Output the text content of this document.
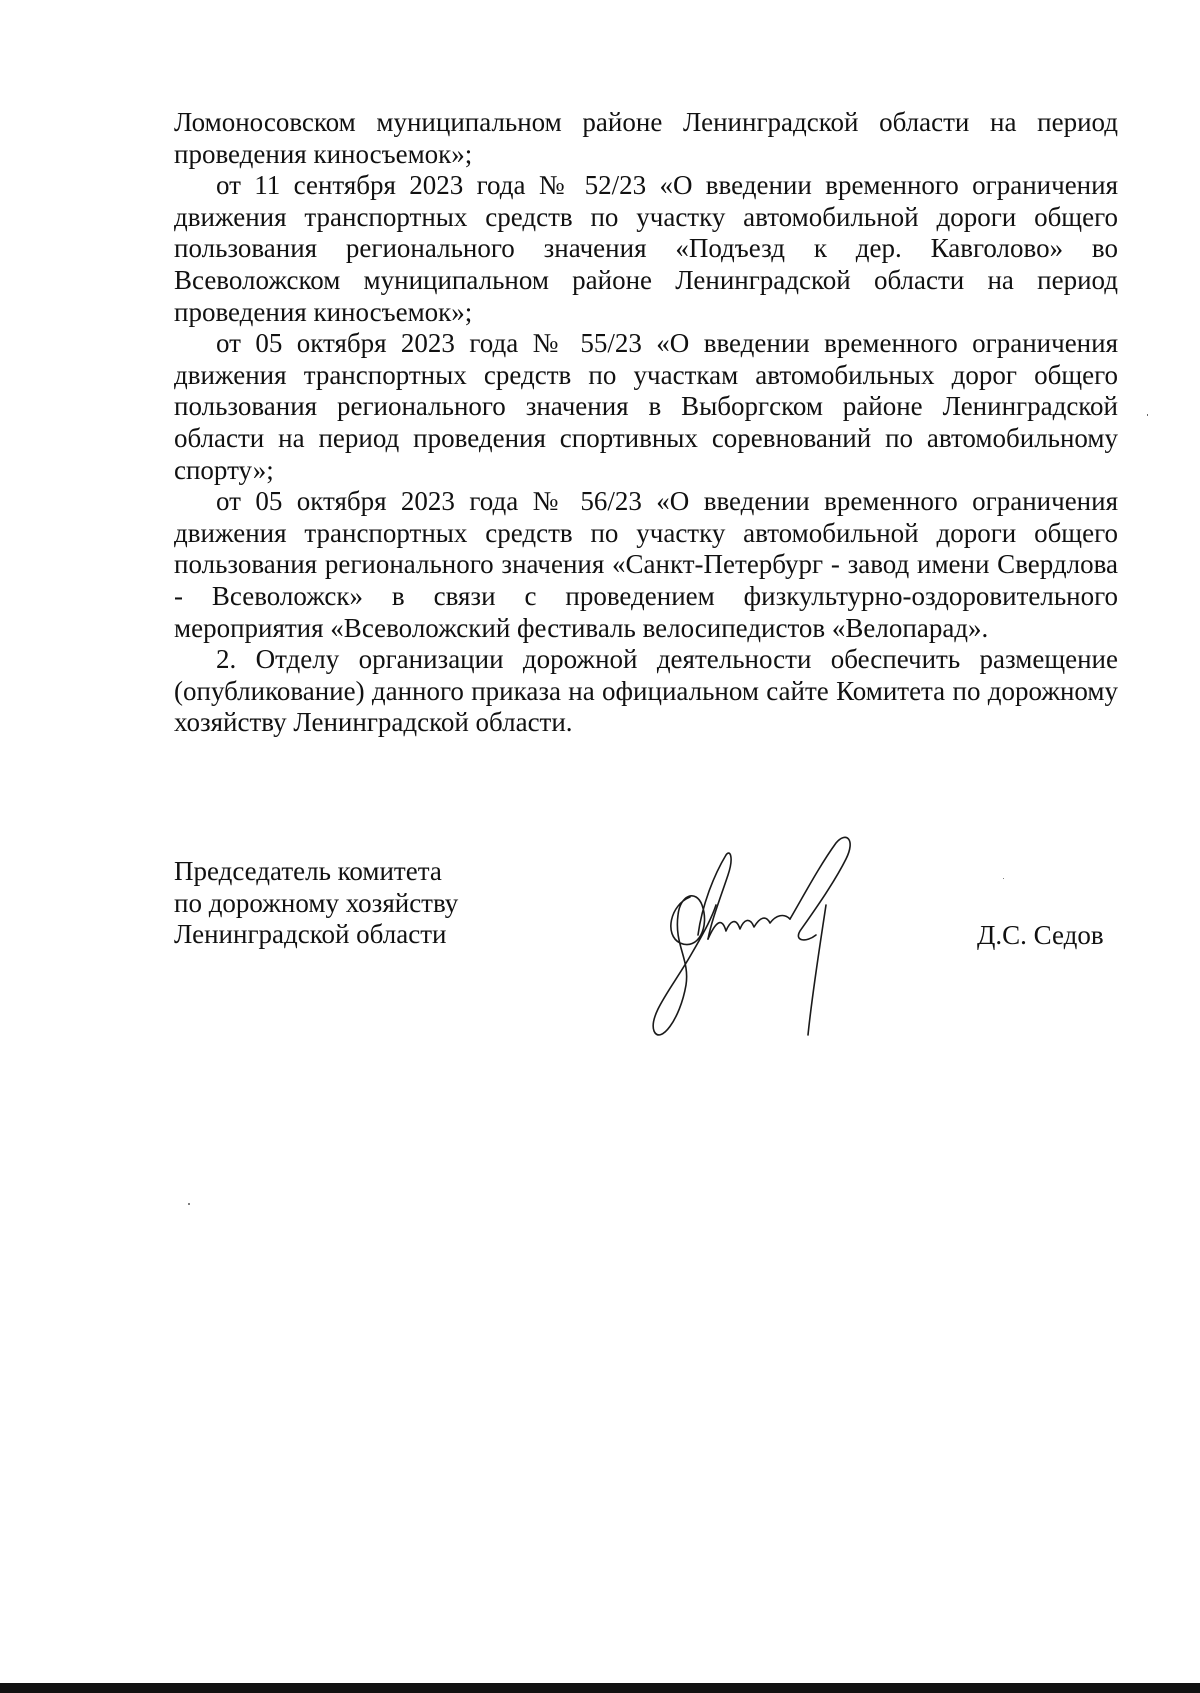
Ломоносовском муниципальном районе Ленинградской области на период проведения киносъемок»;

от 11 сентября 2023 года № 52/23 «О введении временного ограничения движения транспортных средств по участку автомобильной дороги общего пользования регионального значения «Подъезд к дер. Кавголово» во Всеволожском муниципальном районе Ленинградской области на период проведения киносъемок»;

от 05 октября 2023 года № 55/23 «О введении временного ограничения движения транспортных средств по участкам автомобильных дорог общего пользования регионального значения в Выборгском районе Ленинградской области на период проведения спортивных соревнований по автомобильному спорту»;

от 05 октября 2023 года № 56/23 «О введении временного ограничения движения транспортных средств по участку автомобильной дороги общего пользования регионального значения «Санкт-Петербург - завод имени Свердлова - Всеволожск» в связи с проведением физкультурно-оздоровительного мероприятия «Всеволожский фестиваль велосипедистов «Велопарад».

2. Отделу организации дорожной деятельности обеспечить размещение (опубликование) данного приказа на официальном сайте Комитета по дорожному хозяйству Ленинградской области.

Председатель комитета
по дорожному хозяйству
Ленинградской области	Д.С. Седов
